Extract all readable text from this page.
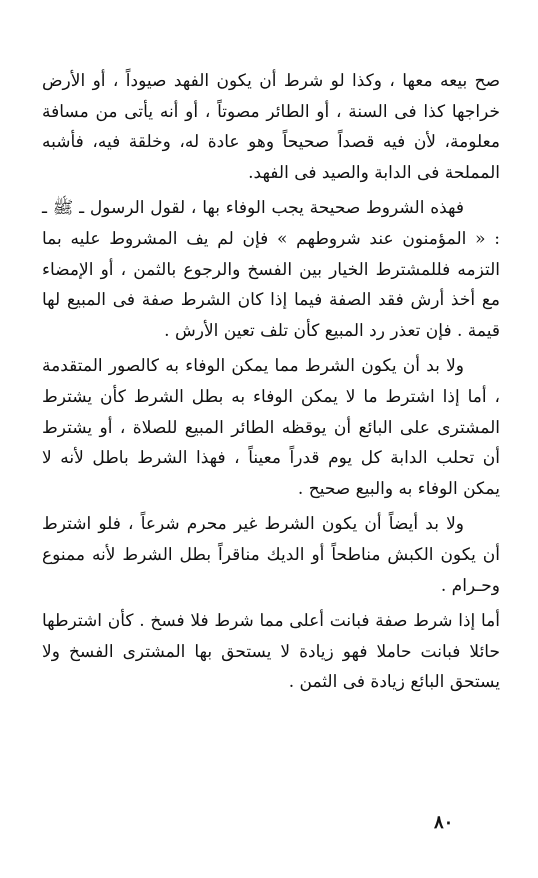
صح بيعه معها ، وكذا لو شرط أن يكون الفهد صيوداً ، أو الأرض خراجها كذا فى السنة ، أو الطائر مصوتاً ، أو أنه يأتى من مسافة معلومة، لأن فيه قصداً صحيحاً وهو عادة له، وخلقة فيه، فأشبه المملحة فى الدابة والصيد فى الفهد.

فهذه الشروط صحيحة يجب الوفاء بها ، لقول الرسول ـ ﷺ ـ : « المؤمنون عند شروطهم » فإن لم يف المشروط عليه بما التزمه فللمشترط الخيار بين الفسخ والرجوع بالثمن ، أو الإمضاء مع أخذ أرش فقد الصفة فيما إذا كان الشرط صفة فى المبيع لها قيمة . فإن تعذر رد المبيع كأن تلف تعين الأرش .

ولا بد أن يكون الشرط مما يمكن الوفاء به كالصور المتقدمة ، أما إذا اشترط ما لا يمكن الوفاء به بطل الشرط كأن يشترط المشترى على البائع أن يوقظه الطائر المبيع للصلاة ، أو يشترط أن تحلب الدابة كل يوم قدراً معيناً ، فهذا الشرط باطل لأنه لا يمكن الوفاء به والبيع صحيح .

ولا بد أيضاً أن يكون الشرط غير محرم شرعاً ، فلو اشترط أن يكون الكبش مناطحاً أو الديك مناقراً بطل الشرط لأنه ممنوع وحـرام .

أما إذا شرط صفة فبانت أعلى مما شرط فلا فسخ . كأن اشترطها حائلا فبانت حاملا فهو زيادة لا يستحق بها المشترى الفسخ ولا يستحق البائع زيادة فى الثمن .

٨٠
